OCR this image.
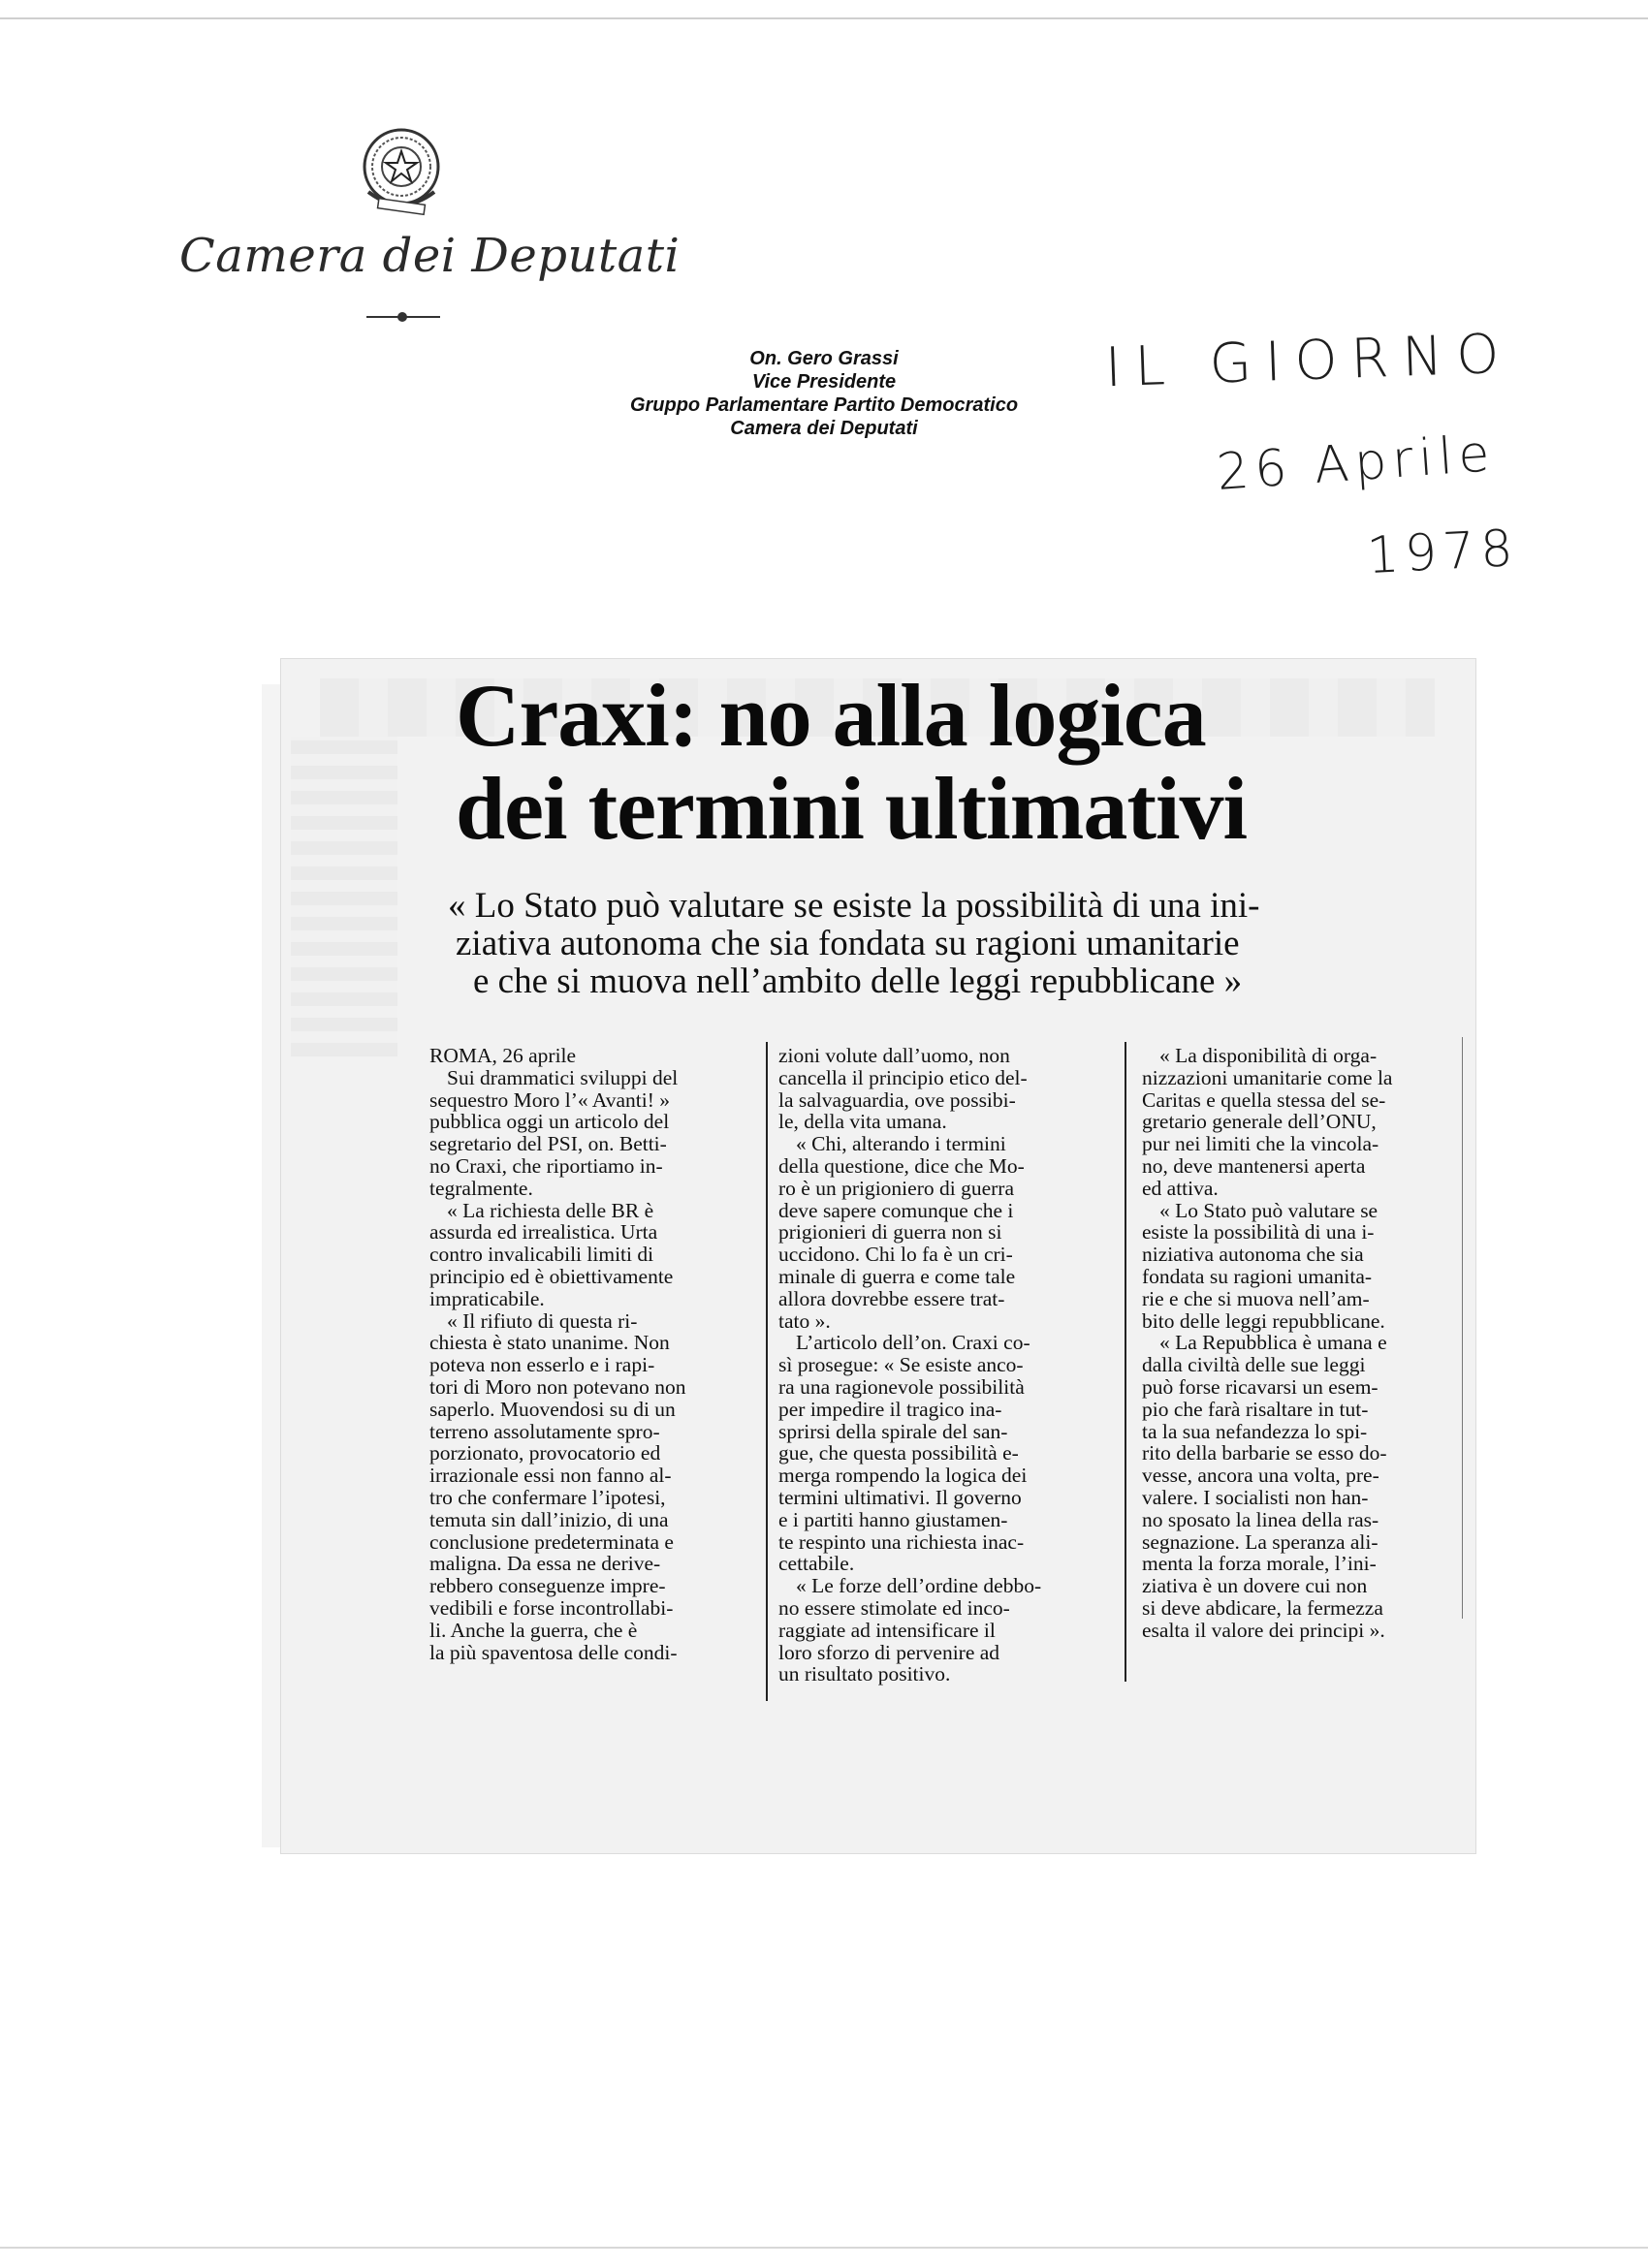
Camera dei Deputati
On. Gero Grassi
Vice Presidente
Gruppo Parlamentare Partito Democratico
Camera dei Deputati
IL GIORNO
26 Aprile
1978
Craxi: no alla logica
dei termini ultimativi
« Lo Stato può valutare se esiste la possibilità di una ini-
ziativa autonoma che sia fondata su ragioni umanitarie
e che si muova nell’ambito delle leggi repubblicane »

ROMA, 26 aprile

Sui drammatici sviluppi del
sequestro Moro l’« Avanti! »
pubblica oggi un articolo del
segretario del PSI, on. Betti-
no Craxi, che riportiamo in-
tegralmente.

« La richiesta delle BR è
assurda ed irrealistica. Urta
contro invalicabili limiti di
principio ed è obiettivamente
impraticabile.

« Il rifiuto di questa ri-
chiesta è stato unanime. Non
poteva non esserlo e i rapi-
tori di Moro non potevano non
saperlo. Muovendosi su di un
terreno assolutamente spro-
porzionato, provocatorio ed
irrazionale essi non fanno al-
tro che confermare l’ipotesi,
temuta sin dall’inizio, di una
conclusione predeterminata e
maligna. Da essa ne derive-
rebbero conseguenze impre-
vedibili e forse incontrollabi-
li. Anche la guerra, che è
la più spaventosa delle condi-

zioni volute dall’uomo, non
cancella il principio etico del-
la salvaguardia, ove possibi-
le, della vita umana.

« Chi, alterando i termini
della questione, dice che Mo-
ro è un prigioniero di guerra
deve sapere comunque che i
prigionieri di guerra non si
uccidono. Chi lo fa è un cri-
minale di guerra e come tale
allora dovrebbe essere trat-
tato ».

L’articolo dell’on. Craxi co-
sì prosegue: « Se esiste anco-
ra una ragionevole possibilità
per impedire il tragico ina-
sprirsi della spirale del san-
gue, che questa possibilità e-
merga rompendo la logica dei
termini ultimativi. Il governo
e i partiti hanno giustamen-
te respinto una richiesta inac-
cettabile.

« Le forze dell’ordine debbo-
no essere stimolate ed inco-
raggiate ad intensificare il
loro sforzo di pervenire ad
un risultato positivo.

« La disponibilità di orga-
nizzazioni umanitarie come la
Caritas e quella stessa del se-
gretario generale dell’ONU,
pur nei limiti che la vincola-
no, deve mantenersi aperta
ed attiva.

« Lo Stato può valutare se
esiste la possibilità di una i-
niziativa autonoma che sia
fondata su ragioni umanita-
rie e che si muova nell’am-
bito delle leggi repubblicane.

« La Repubblica è umana e
dalla civiltà delle sue leggi
può forse ricavarsi un esem-
pio che farà risaltare in tut-
ta la sua nefandezza lo spi-
rito della barbarie se esso do-
vesse, ancora una volta, pre-
valere. I socialisti non han-
no sposato la linea della ras-
segnazione. La speranza ali-
menta la forza morale, l’ini-
ziativa è un dovere cui non
si deve abdicare, la fermezza
esalta il valore dei principi ».
